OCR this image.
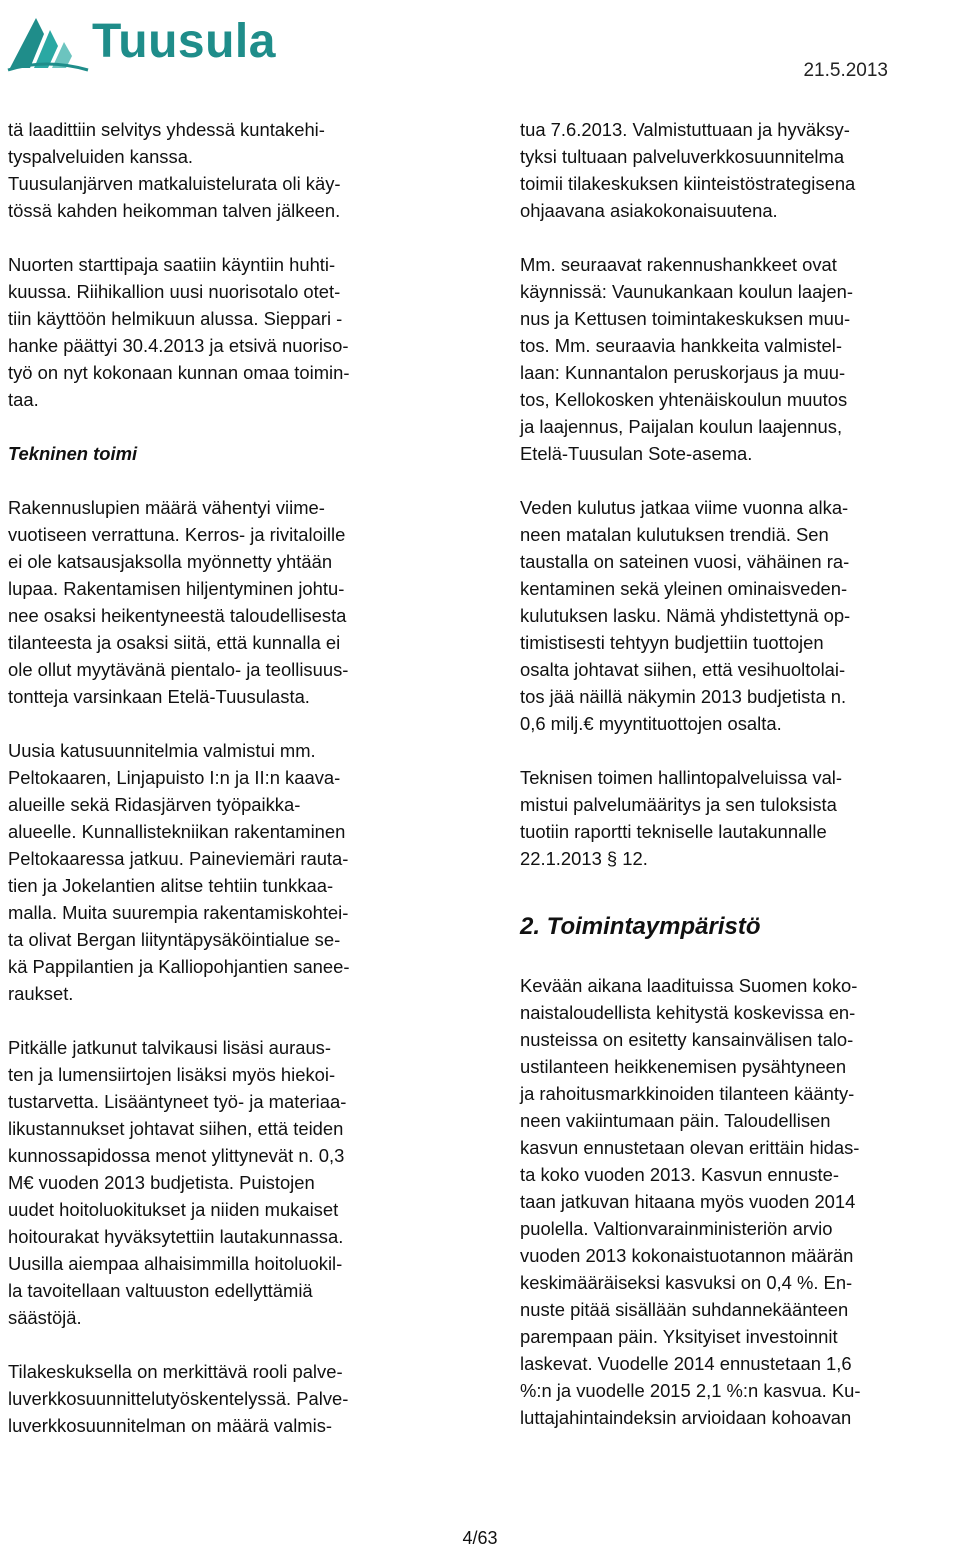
Tuusula
21.5.2013

tä laadittiin selvitys yhdessä kuntakehi-
tyspalveluiden kanssa.
Tuusulanjärven matkaluistelurata oli käy-
tössä kahden heikomman talven jälkeen.

Nuorten starttipaja saatiin käyntiin huhti-
kuussa. Riihikallion uusi nuorisotalo otet-
tiin käyttöön helmikuun alussa. Sieppari -
hanke päättyi 30.4.2013 ja etsivä nuoriso-
työ on nyt kokonaan kunnan omaa toimin-
taa.

Tekninen toimi

Rakennuslupien määrä vähentyi viime-
vuotiseen verrattuna. Kerros- ja rivitaloille
ei ole katsausjaksolla myönnetty yhtään
lupaa. Rakentamisen hiljentyminen johtu-
nee osaksi heikentyneestä taloudellisesta
tilanteesta ja osaksi siitä, että kunnalla ei
ole ollut myytävänä pientalo- ja teollisuus-
tontteja varsinkaan Etelä-Tuusulasta.

Uusia katusuunnitelmia valmistui mm.
Peltokaaren, Linjapuisto I:n ja II:n kaava-
alueille sekä Ridasjärven työpaikka-
alueelle. Kunnallistekniikan rakentaminen
Peltokaaressa jatkuu. Paineviemäri rauta-
tien ja Jokelantien alitse tehtiin tunkkaa-
malla. Muita suurempia rakentamiskohtei-
ta olivat Bergan liityntäpysäköintialue se-
kä Pappilantien ja Kalliopohjantien sanee-
raukset.

Pitkälle jatkunut talvikausi lisäsi auraus-
ten ja lumensiirtojen lisäksi myös hiekoi-
tustarvetta. Lisääntyneet työ- ja materiaa-
likustannukset johtavat siihen, että teiden
kunnossapidossa menot ylittynevät n. 0,3
M€ vuoden 2013 budjetista. Puistojen
uudet hoitoluokitukset ja niiden mukaiset
hoitourakat hyväksytettiin lautakunnassa.
Uusilla aiempaa alhaisimmilla hoitoluokil-
la tavoitellaan valtuuston edellyttämiä
säästöjä.

Tilakeskuksella on merkittävä rooli palve-
luverkkosuunnittelutyöskentelyssä. Palve-
luverkkosuunnitelman on määrä valmis-

tua 7.6.2013. Valmistuttuaan ja hyväksy-
tyksi tultuaan palveluverkkosuunnitelma
toimii tilakeskuksen kiinteistöstrategisena
ohjaavana asiakokonaisuutena.

Mm. seuraavat rakennushankkeet ovat
käynnissä: Vaunukankaan koulun laajen-
nus ja Kettusen toimintakeskuksen muu-
tos. Mm. seuraavia hankkeita valmistel-
laan: Kunnantalon peruskorjaus ja muu-
tos, Kellokosken yhtenäiskoulun muutos
ja laajennus, Paijalan koulun laajennus,
Etelä-Tuusulan Sote-asema.

Veden kulutus jatkaa viime vuonna alka-
neen matalan kulutuksen trendiä. Sen
taustalla on sateinen vuosi, vähäinen ra-
kentaminen sekä yleinen ominaisveden-
kulutuksen lasku. Nämä yhdistettynä op-
timistisesti tehtyyn budjettiin tuottojen
osalta johtavat siihen, että vesihuoltolai-
tos jää näillä näkymin 2013 budjetista n.
0,6 milj.€ myyntituottojen osalta.

Teknisen toimen hallintopalveluissa val-
mistui palvelumääritys ja sen tuloksista
tuotiin raportti tekniselle lautakunnalle
22.1.2013 § 12.

2. Toimintaympäristö

Kevään aikana laadituissa Suomen koko-
naistaloudellista kehitystä koskevissa en-
nusteissa on esitetty kansainvälisen talo-
ustilanteen heikkenemisen pysähtyneen
ja rahoitusmarkkinoiden tilanteen käänty-
neen vakiintumaan päin. Taloudellisen
kasvun ennustetaan olevan erittäin hidas-
ta koko vuoden 2013. Kasvun ennuste-
taan jatkuvan hitaana myös vuoden 2014
puolella. Valtionvarainministeriön arvio
vuoden 2013 kokonaistuotannon määrän
keskimääräiseksi kasvuksi on 0,4 %. En-
nuste pitää sisällään suhdannekäänteen
parempaan päin. Yksityiset investoinnit
laskevat. Vuodelle 2014 ennustetaan 1,6
%:n ja vuodelle 2015 2,1 %:n kasvua. Ku-
luttajahintaindeksin arvioidaan kohoavan

4/63
